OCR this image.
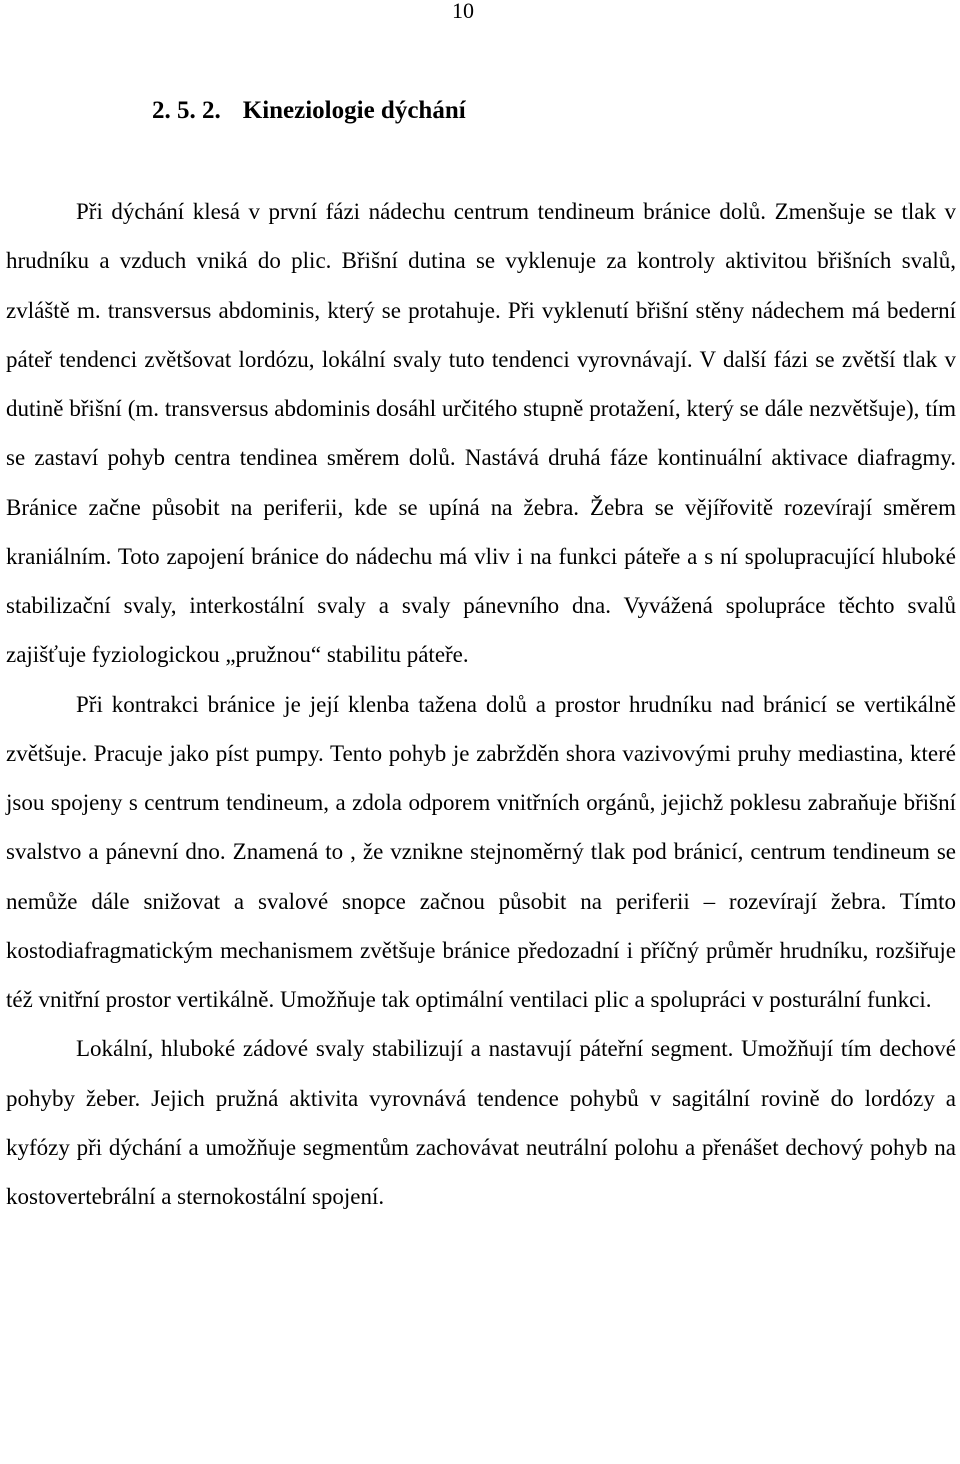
10
2. 5. 2. Kineziologie dýchání

Při dýchání klesá v první fázi nádechu centrum tendineum bránice dolů. Zmenšuje se tlak v hrudníku a vzduch vniká do plic. Břišní dutina se vyklenuje za kontroly aktivitou břišních svalů, zvláště m. transversus abdominis, který se protahuje. Při vyklenutí břišní stěny nádechem má bederní páteř tendenci zvětšovat lordózu, lokální svaly tuto tendenci vyrovnávají. V další fázi se zvětší tlak v dutině břišní (m. transversus abdominis dosáhl určitého stupně protažení, který se dále nezvětšuje), tím se zastaví pohyb centra tendinea směrem dolů. Nastává druhá fáze kontinuální aktivace diafragmy. Bránice začne působit na periferii, kde se upíná na žebra. Žebra se vějířovitě rozevírají směrem kraniálním. Toto zapojení bránice do nádechu má vliv i na funkci páteře a s ní spolupracující hluboké stabilizační svaly, interkostální svaly a svaly pánevního dna. Vyvážená spolupráce těchto svalů zajišťuje fyziologickou „pružnou“ stabilitu páteře.

Při kontrakci bránice je její klenba tažena dolů a prostor hrudníku nad bránicí se vertikálně zvětšuje. Pracuje jako píst pumpy. Tento pohyb je zabržděn shora vazivovými pruhy mediastina, které jsou spojeny s centrum tendineum, a zdola odporem vnitřních orgánů, jejichž poklesu zabraňuje břišní svalstvo a pánevní dno. Znamená to , že vznikne stejnoměrný tlak pod bránicí, centrum tendineum se nemůže dále snižovat a svalové snopce začnou působit na periferii – rozevírají žebra. Tímto kostodiafragmatickým mechanismem zvětšuje bránice předozadní i příčný průměr hrudníku, rozšiřuje též vnitřní prostor vertikálně. Umožňuje tak optimální ventilaci plic a spolupráci v posturální funkci.

Lokální, hluboké zádové svaly stabilizují a nastavují páteřní segment. Umožňují tím dechové pohyby žeber. Jejich pružná aktivita vyrovnává tendence pohybů v sagitální rovině do lordózy a kyfózy při dýchání a umožňuje segmentům zachovávat neutrální polohu a přenášet dechový pohyb na kostovertebrální a sternokostální spojení.
